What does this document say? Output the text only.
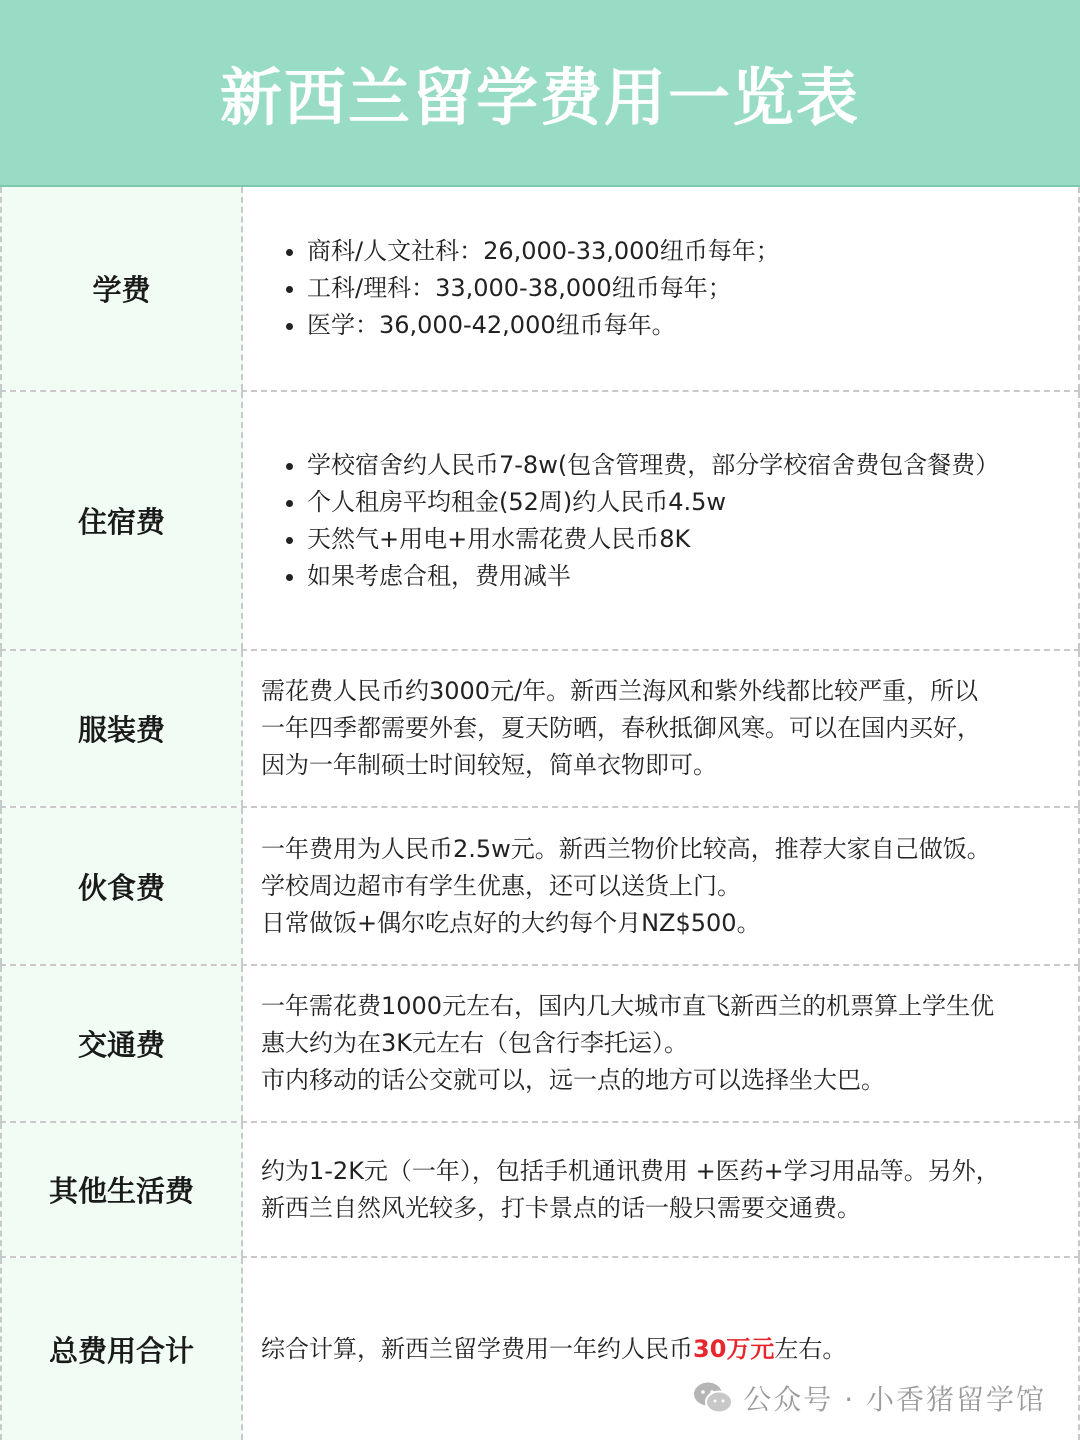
新西兰留学费用一览表
学费
• 商科/人文社科：26,000-33,000纽币每年；
• 工科/理科：33,000-38,000纽币每年；
• 医学：36,000-42,000纽币每年。
住宿费
• 学校宿舍约人民币7-8w(包含管理费，部分学校宿舍费包含餐费）
• 个人租房平均租金(52周)约人民币4.5w
• 天然气+用电+用水需花费人民币8K
• 如果考虑合租，费用减半
服装费

需花费人民币约3000元/年。新西兰海风和紫外线都比较严重，所以

一年四季都需要外套，夏天防晒，春秋抵御风寒。可以在国内买好，

因为一年制硕士时间较短，简单衣物即可。

伙食费

一年费用为人民币2.5w元。新西兰物价比较高，推荐大家自己做饭。

学校周边超市有学生优惠，还可以送货上门。

日常做饭+偶尔吃点好的大约每个月NZ$500。

交通费

一年需花费1000元左右，国内几大城市直飞新西兰的机票算上学生优

惠大约为在3K元左右（包含行李托运）。

市内移动的话公交就可以，远一点的地方可以选择坐大巴。

其他生活费

约为1-2K元（一年），包括手机通讯费用 +医药+学习用品等。另外，

新西兰自然风光较多，打卡景点的话一般只需要交通费。

总费用合计	综合计算，新西兰留学费用一年约人民币30万元左右。

公众号 · 小香猪留学馆
